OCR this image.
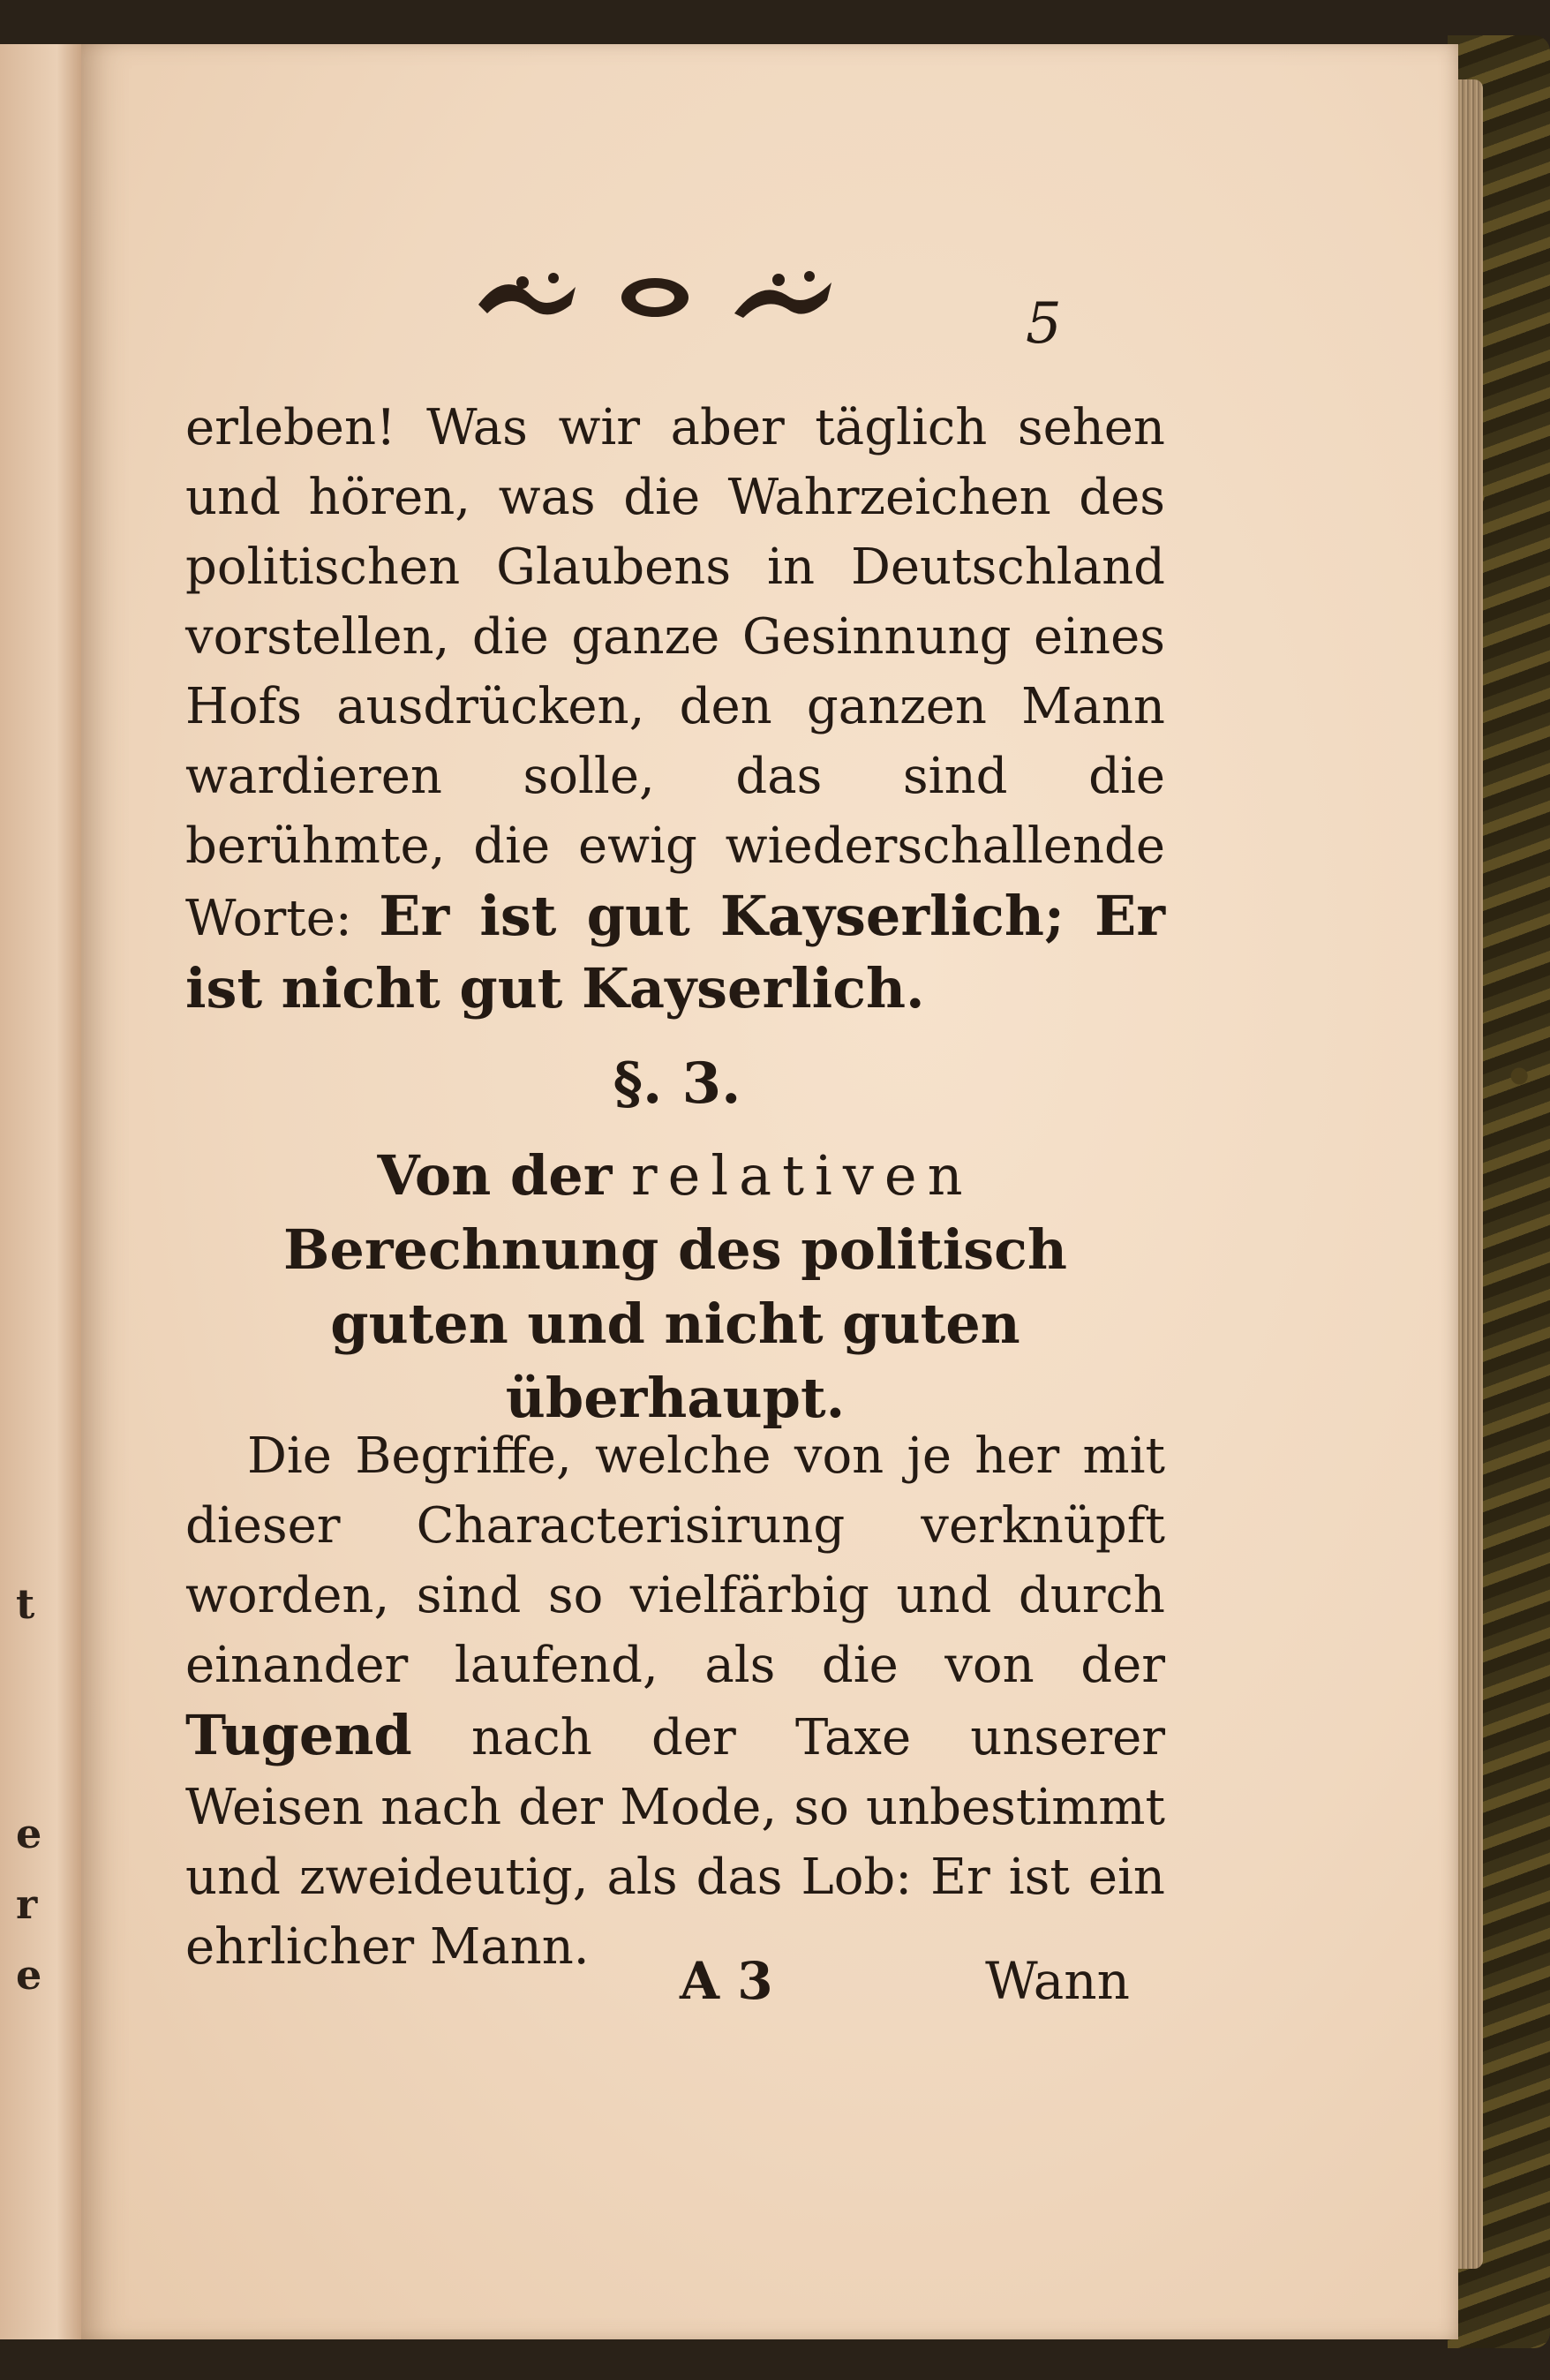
t
e
r
e
5

erleben! Was wir aber täglich sehen und hören, was die Wahrzeichen des politischen Glaubens in Deutschland vorstellen, die ganze Gesinnung eines Hofs ausdrücken, den ganzen Mann wardieren solle, das sind die berühmte, die ewig wiederschallende Worte: Er ist gut Kayserlich; Er ist nicht gut Kayserlich.

§. 3.
Von der relativen Berechnung des politisch guten und nicht guten überhaupt.

Die Begriffe, welche von je her mit dieser Characterisirung verknüpft worden, sind so vielfärbig und durch einander laufend, als die von der Tugend nach der Taxe unserer Weisen nach der Mode, so unbestimmt und zweideutig, als das Lob: Er ist ein ehrlicher Mann.

A 3	Wann
